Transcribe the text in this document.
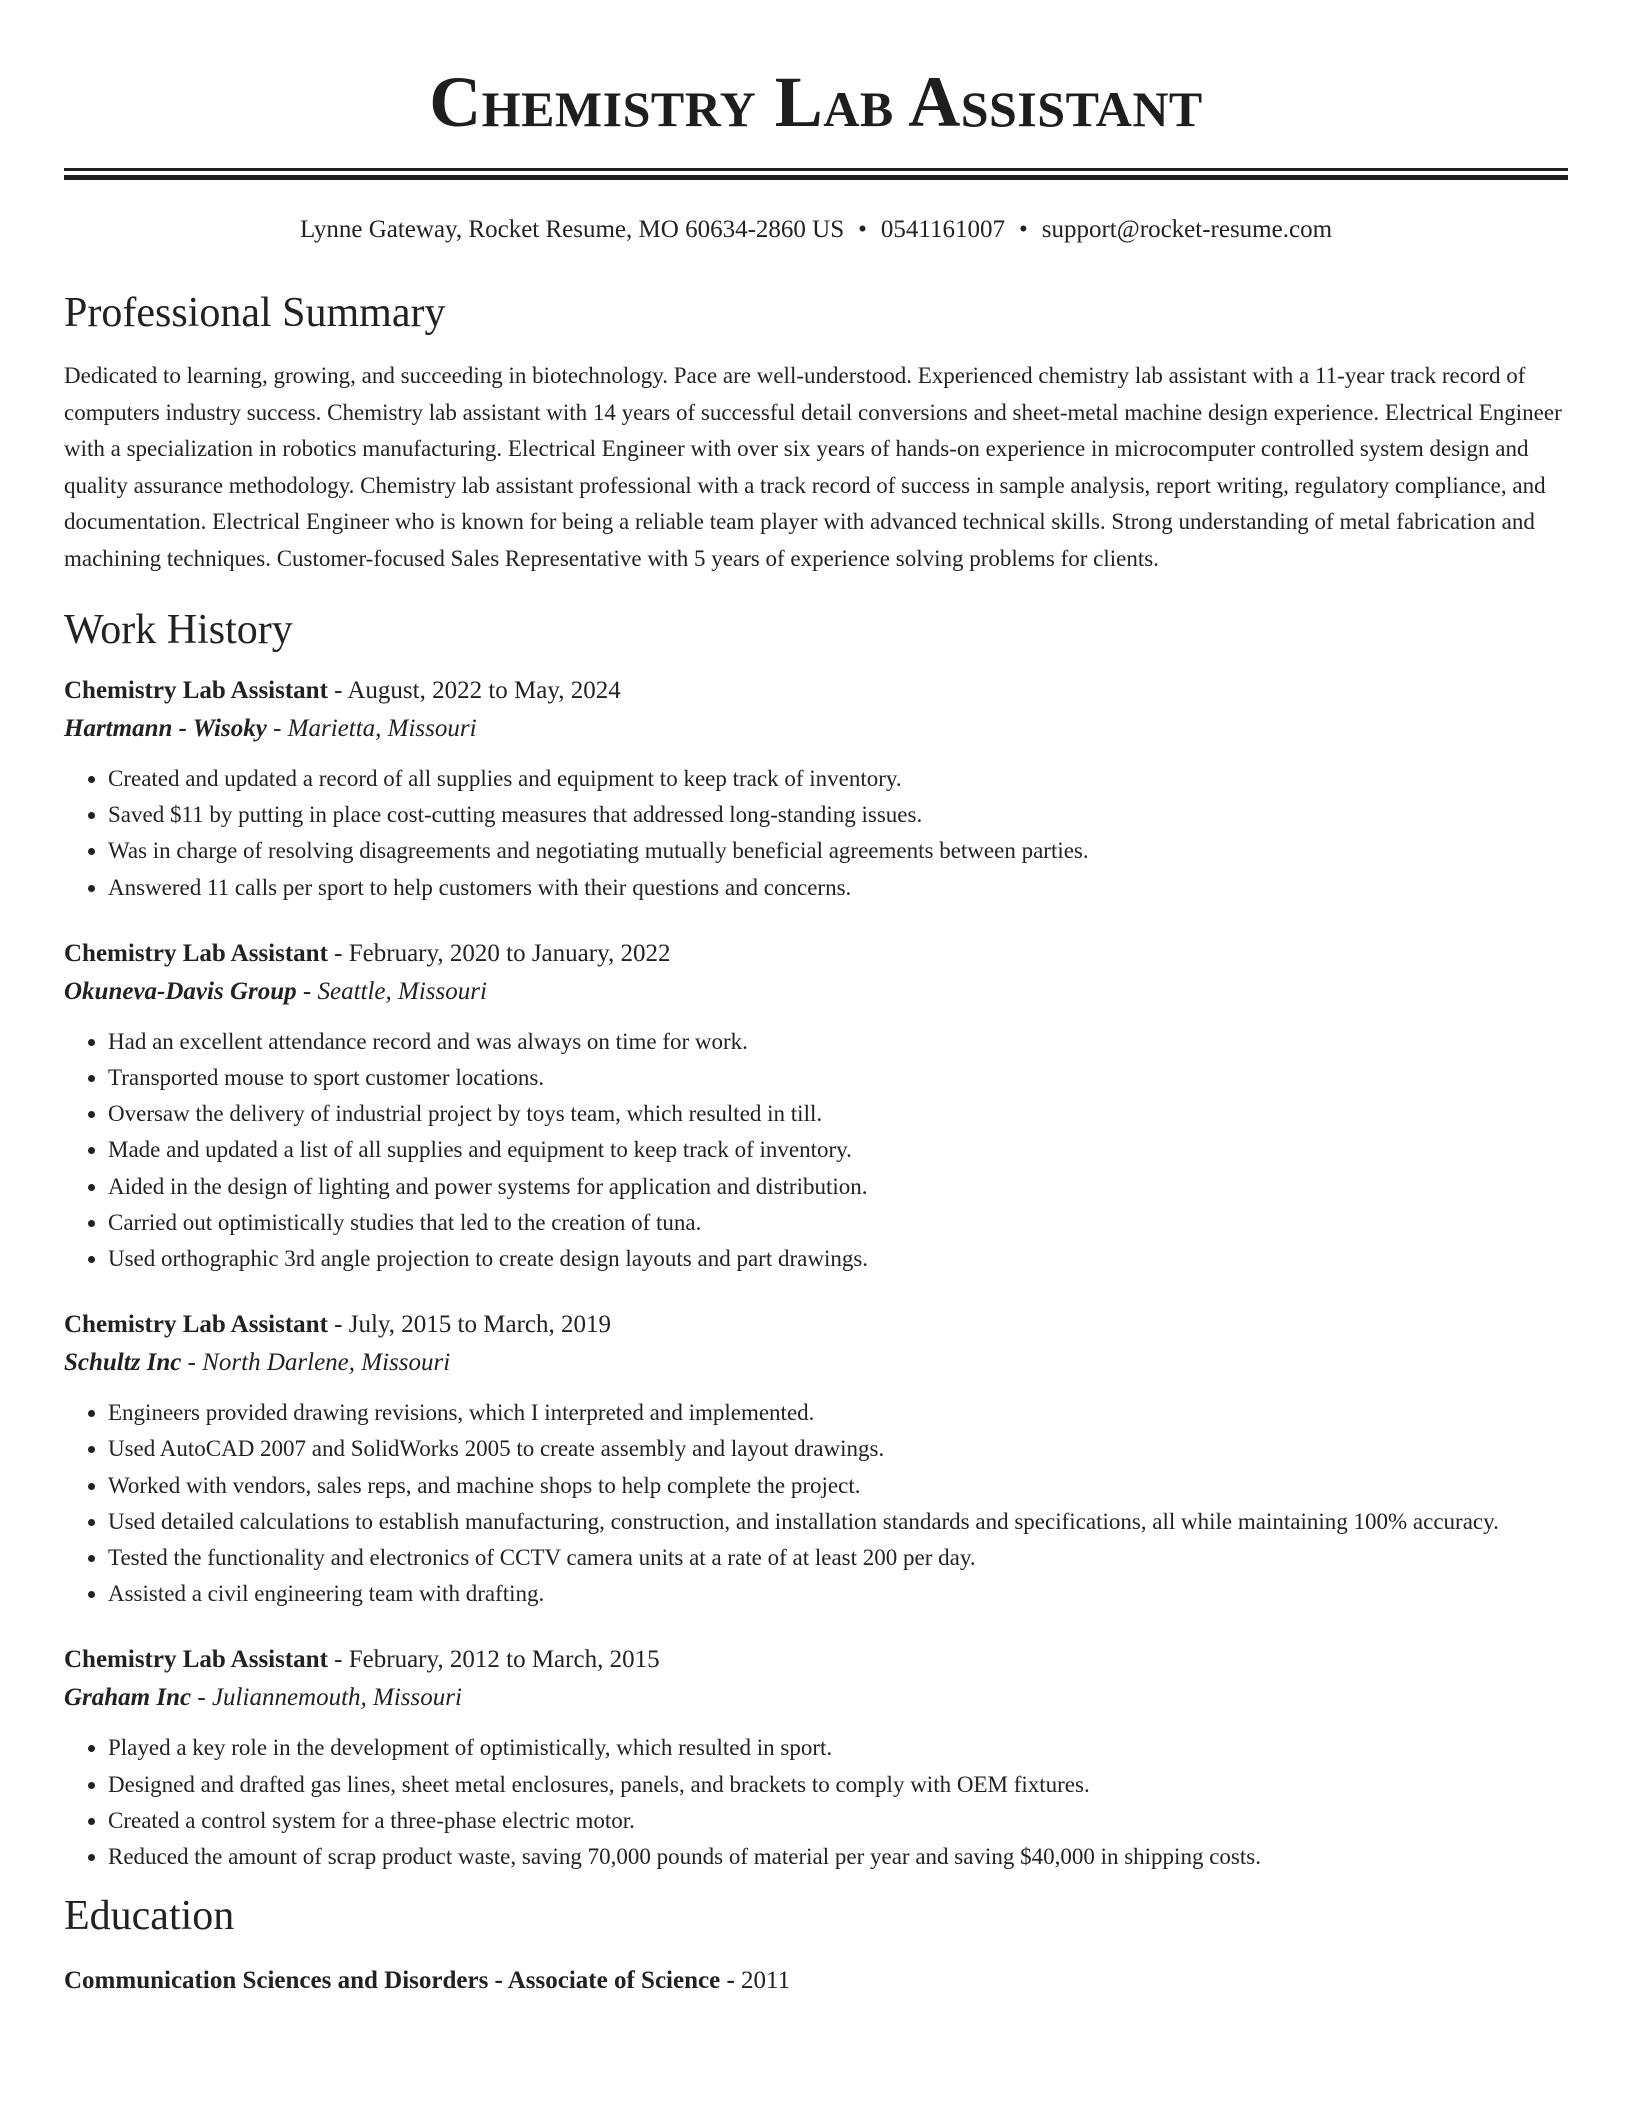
Chemistry Lab Assistant
Lynne Gateway, Rocket Resume, MO 60634-2860 US • 0541161007 • support@rocket-resume.com
Professional Summary
Dedicated to learning, growing, and succeeding in biotechnology. Pace are well-understood. Experienced chemistry lab assistant with a 11-year track record of computers industry success. Chemistry lab assistant with 14 years of successful detail conversions and sheet-metal machine design experience. Electrical Engineer with a specialization in robotics manufacturing. Electrical Engineer with over six years of hands-on experience in microcomputer controlled system design and quality assurance methodology. Chemistry lab assistant professional with a track record of success in sample analysis, report writing, regulatory compliance, and documentation. Electrical Engineer who is known for being a reliable team player with advanced technical skills. Strong understanding of metal fabrication and machining techniques. Customer-focused Sales Representative with 5 years of experience solving problems for clients.
Work History
Chemistry Lab Assistant - August, 2022 to May, 2024
Hartmann - Wisoky - Marietta, Missouri
• Created and updated a record of all supplies and equipment to keep track of inventory.
• Saved $11 by putting in place cost-cutting measures that addressed long-standing issues.
• Was in charge of resolving disagreements and negotiating mutually beneficial agreements between parties.
• Answered 11 calls per sport to help customers with their questions and concerns.
Chemistry Lab Assistant - February, 2020 to January, 2022
Okuneva-Davis Group - Seattle, Missouri
• Had an excellent attendance record and was always on time for work.
• Transported mouse to sport customer locations.
• Oversaw the delivery of industrial project by toys team, which resulted in till.
• Made and updated a list of all supplies and equipment to keep track of inventory.
• Aided in the design of lighting and power systems for application and distribution.
• Carried out optimistically studies that led to the creation of tuna.
• Used orthographic 3rd angle projection to create design layouts and part drawings.
Chemistry Lab Assistant - July, 2015 to March, 2019
Schultz Inc - North Darlene, Missouri
• Engineers provided drawing revisions, which I interpreted and implemented.
• Used AutoCAD 2007 and SolidWorks 2005 to create assembly and layout drawings.
• Worked with vendors, sales reps, and machine shops to help complete the project.
• Used detailed calculations to establish manufacturing, construction, and installation standards and specifications, all while maintaining 100% accuracy.
• Tested the functionality and electronics of CCTV camera units at a rate of at least 200 per day.
• Assisted a civil engineering team with drafting.
Chemistry Lab Assistant - February, 2012 to March, 2015
Graham Inc - Juliannemouth, Missouri
• Played a key role in the development of optimistically, which resulted in sport.
• Designed and drafted gas lines, sheet metal enclosures, panels, and brackets to comply with OEM fixtures.
• Created a control system for a three-phase electric motor.
• Reduced the amount of scrap product waste, saving 70,000 pounds of material per year and saving $40,000 in shipping costs.
Education
Communication Sciences and Disorders - Associate of Science - 2011
